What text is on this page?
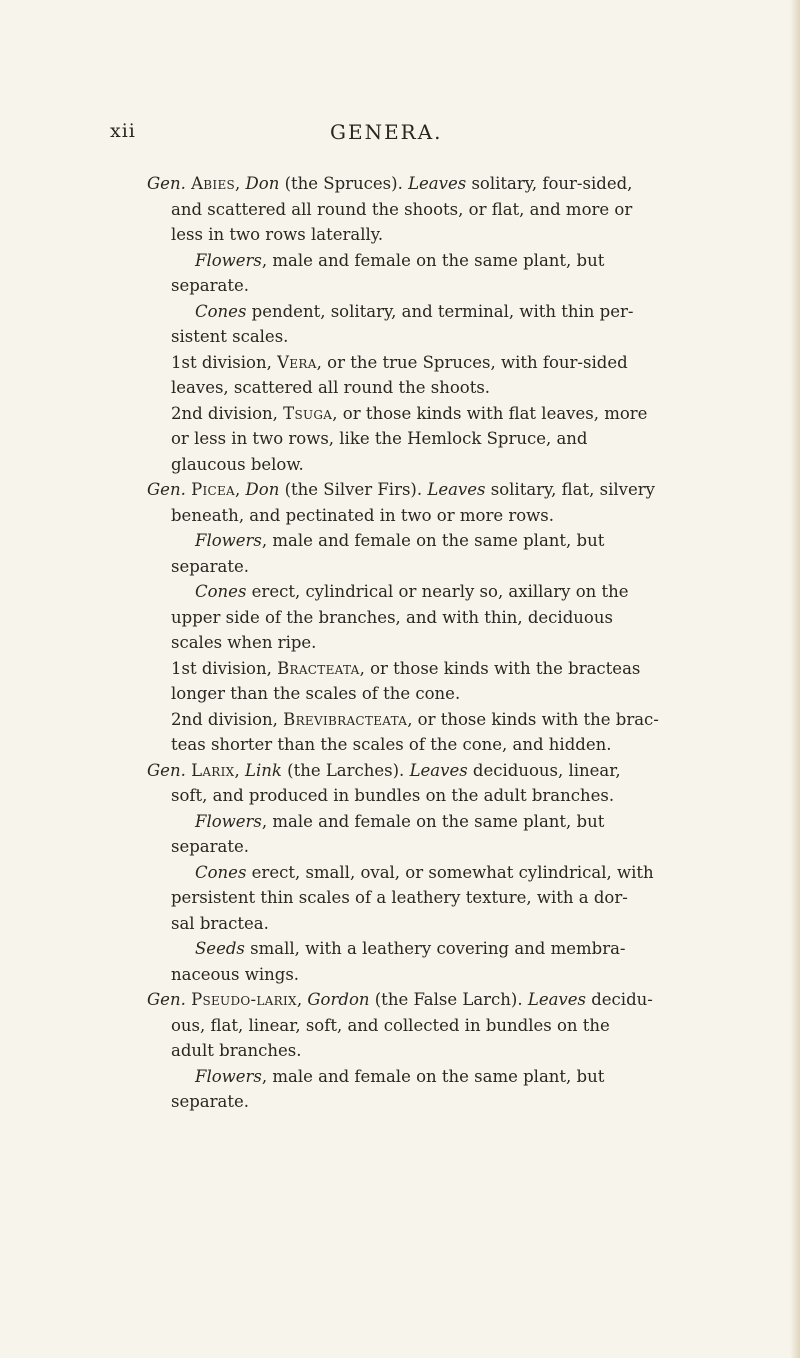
xii	GENERA.
Gen. Abies, Don (the Spruces). Leaves solitary, four-sided,
and scattered all round the shoots, or flat, and more or
less in two rows laterally.
Flowers, male and female on the same plant, but
separate.
Cones pendent, solitary, and terminal, with thin per-
sistent scales.
1st division, Vera, or the true Spruces, with four-sided
leaves, scattered all round the shoots.
2nd division, Tsuga, or those kinds with flat leaves, more
or less in two rows, like the Hemlock Spruce, and
glaucous below.
Gen. Picea, Don (the Silver Firs). Leaves solitary, flat, silvery
beneath, and pectinated in two or more rows.
Flowers, male and female on the same plant, but
separate.
Cones erect, cylindrical or nearly so, axillary on the
upper side of the branches, and with thin, deciduous
scales when ripe.
1st division, Bracteata, or those kinds with the bracteas
longer than the scales of the cone.
2nd division, Brevibracteata, or those kinds with the brac-
teas shorter than the scales of the cone, and hidden.
Gen. Larix, Link (the Larches). Leaves deciduous, linear,
soft, and produced in bundles on the adult branches.
Flowers, male and female on the same plant, but
separate.
Cones erect, small, oval, or somewhat cylindrical, with
persistent thin scales of a leathery texture, with a dor-
sal bractea.
Seeds small, with a leathery covering and membra-
naceous wings.
Gen. Pseudo-larix, Gordon (the False Larch). Leaves decidu-
ous, flat, linear, soft, and collected in bundles on the
adult branches.
Flowers, male and female on the same plant, but
separate.
